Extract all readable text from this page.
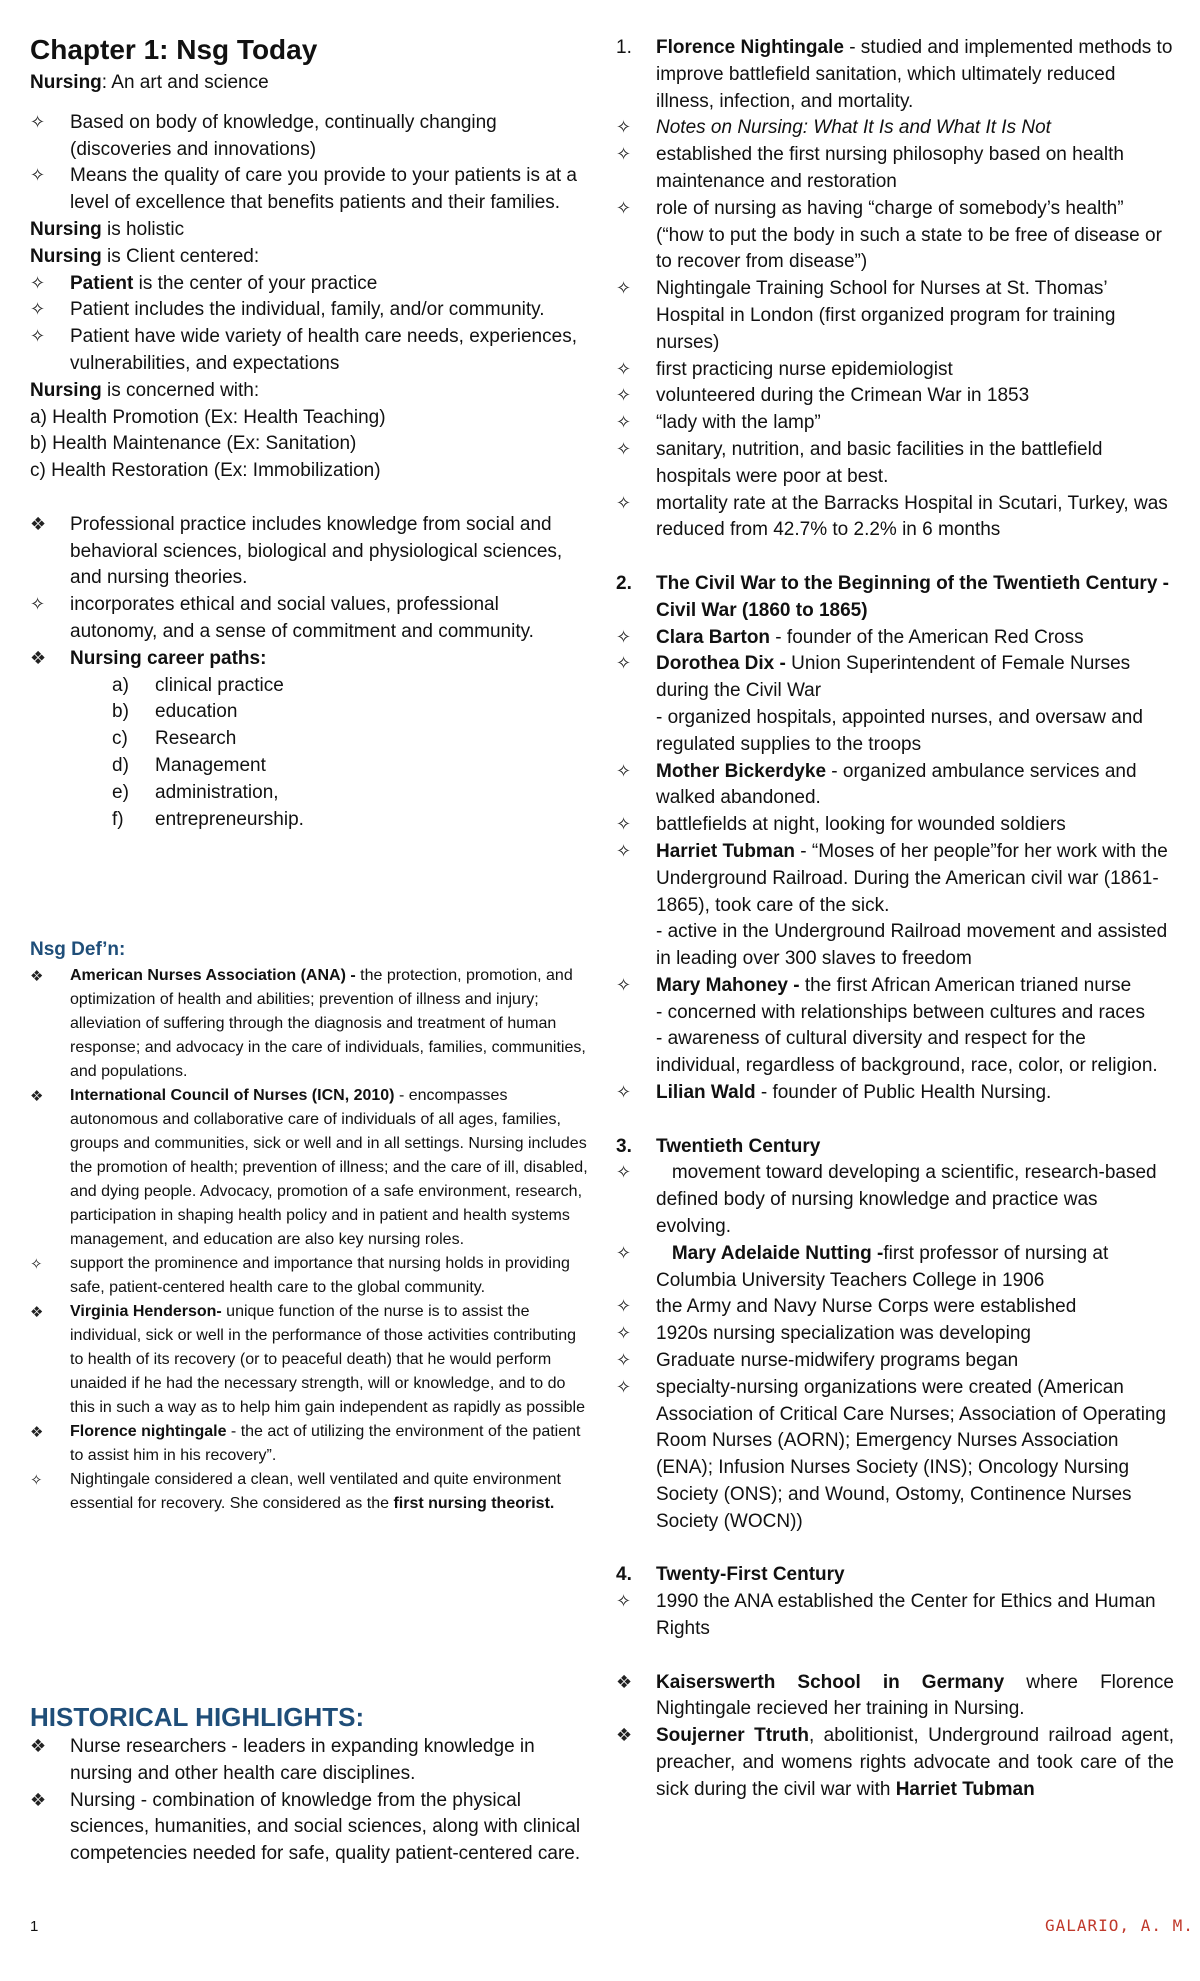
Chapter 1: Nsg Today
Nursing: An art and science
✧	Based on body of knowledge, continually changing (discoveries and innovations)
✧	Means the quality of care you provide to your patients is at a level of excellence that benefits patients and their families.
Nursing is holistic
Nursing is Client centered:
✧	Patient is the center of your practice
✧	Patient includes the individual, family, and/or community.
✧	Patient have wide variety of health care needs, experiences, vulnerabilities, and expectations
Nursing is concerned with:
a) Health Promotion (Ex: Health Teaching)
b) Health Maintenance (Ex: Sanitation)
c) Health Restoration (Ex: Immobilization)
❖	Professional practice includes knowledge from social and behavioral sciences, biological and physiological sciences, and nursing theories.
✧	incorporates ethical and social values, professional autonomy, and a sense of commitment and community.
❖	Nursing career paths:
a) clinical practice
b) education
c) Research
d) Management
e) administration,
f) entrepreneurship.
Nsg Def’n:
❖	American Nurses Association (ANA) - the protection, promotion, and optimization of health and abilities; prevention of illness and injury; alleviation of suffering through the diagnosis and treatment of human response; and advocacy in the care of individuals, families, communities, and populations.
❖	International Council of Nurses (ICN, 2010) - encompasses autonomous and collaborative care of individuals of all ages, families, groups and communities, sick or well and in all settings. Nursing includes the promotion of health; prevention of illness; and the care of ill, disabled, and dying people. Advocacy, promotion of a safe environment, research, participation in shaping health policy and in patient and health systems management, and education are also key nursing roles.
✧	support the prominence and importance that nursing holds in providing safe, patient-centered health care to the global community.
❖	Virginia Henderson- unique function of the nurse is to assist the individual, sick or well in the performance of those activities contributing to health of its recovery (or to peaceful death) that he would perform unaided if he had the necessary strength, will or knowledge, and to do this in such a way as to help him gain independent as rapidly as possible
❖	Florence nightingale - the act of utilizing the environment of the patient to assist him in his recovery”.
✧	Nightingale considered a clean, well ventilated and quite environment essential for recovery. She considered as the first nursing theorist.
HISTORICAL HIGHLIGHTS:
❖	Nurse researchers - leaders in expanding knowledge in nursing and other health care disciplines.
❖	Nursing - combination of knowledge from the physical sciences, humanities, and social sciences, along with clinical competencies needed for safe, quality patient-centered care.
1. Florence Nightingale - studied and implemented methods to improve battlefield sanitation, which ultimately reduced illness, infection, and mortality.
✧	Notes on Nursing: What It Is and What It Is Not
✧	established the first nursing philosophy based on health maintenance and restoration
✧	role of nursing as having “charge of somebody’s health” (“how to put the body in such a state to be free of disease or to recover from disease”)
✧	Nightingale Training School for Nurses at St. Thomas’ Hospital in London (first organized program for training nurses)
✧	first practicing nurse epidemiologist
✧	volunteered during the Crimean War in 1853
✧	“lady with the lamp”
✧	sanitary, nutrition, and basic facilities in the battlefield hospitals were poor at best.
✧	mortality rate at the Barracks Hospital in Scutari, Turkey, was reduced from 42.7% to 2.2% in 6 months
2. The Civil War to the Beginning of the Twentieth Century - Civil War (1860 to 1865)
✧	Clara Barton - founder of the American Red Cross
✧	Dorothea Dix - Union Superintendent of Female Nurses during the Civil War
- organized hospitals, appointed nurses, and oversaw and regulated supplies to the troops
✧	Mother Bickerdyke - organized ambulance services and walked abandoned.
✧	battlefields at night, looking for wounded soldiers
✧	Harriet Tubman - “Moses of her people”for her work with the Underground Railroad. During the American civil war (1861-1865), took care of the sick.
- active in the Underground Railroad movement and assisted in leading over 300 slaves to freedom
✧	Mary Mahoney - the first African American trianed nurse
- concerned with relationships between cultures and races
- awareness of cultural diversity and respect for the individual, regardless of background, race, color, or religion.
✧	Lilian Wald - founder of Public Health Nursing.
3. Twentieth Century
✧	movement toward developing a scientific, research-based defined body of nursing knowledge and practice was evolving.
✧	Mary Adelaide Nutting -first professor of nursing at Columbia University Teachers College in 1906
✧	the Army and Navy Nurse Corps were established
✧	1920s nursing specialization was developing
✧	Graduate nurse-midwifery programs began
✧	specialty-nursing organizations were created (American Association of Critical Care Nurses; Association of Operating Room Nurses (AORN); Emergency Nurses Association (ENA); Infusion Nurses Society (INS); Oncology Nursing Society (ONS); and Wound, Ostomy, Continence Nurses Society (WOCN))
4. Twenty-First Century
✧	1990 the ANA established the Center for Ethics and Human Rights
❖	Kaiserswerth School in Germany where Florence Nightingale recieved her training in Nursing.
❖	Soujerner Ttruth, abolitionist, Underground railroad agent, preacher, and womens rights advocate and took care of the sick during the civil war with Harriet Tubman
1	GALARIO, A. M.
